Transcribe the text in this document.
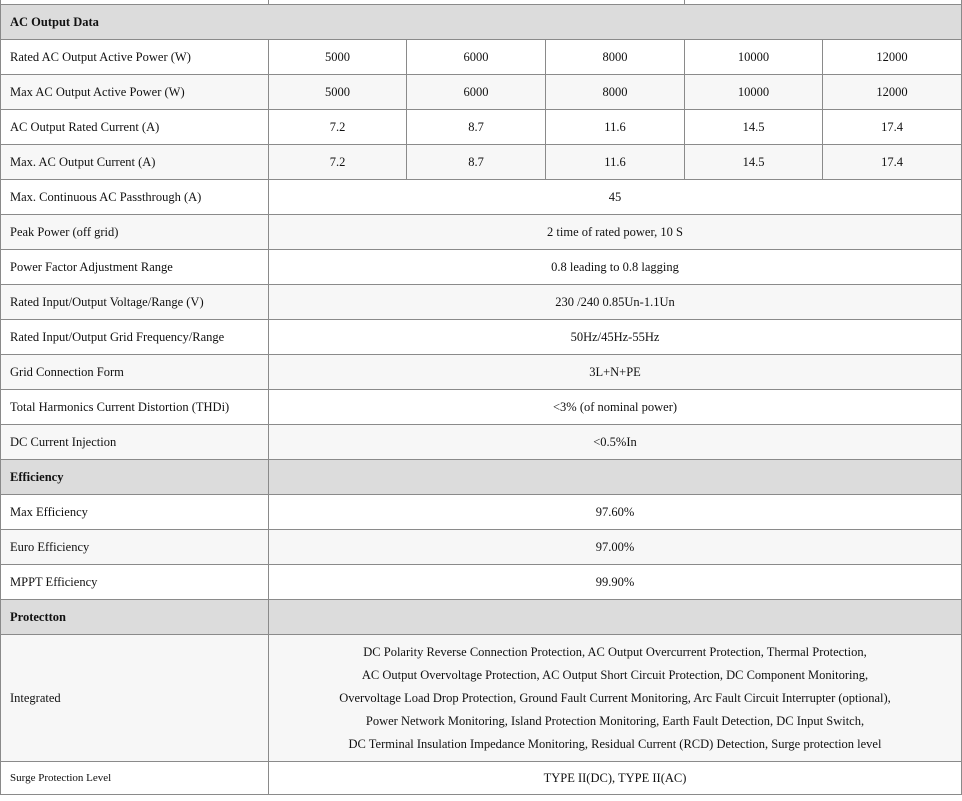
AC Output Data					
Rated AC Output Active Power (W)	5000	6000	8000	10000	12000
Max AC Output Active Power (W)	5000	6000	8000	10000	12000
AC Output Rated Current (A)	7.2	8.7	11.6	14.5	17.4
Max. AC Output Current (A)	7.2	8.7	11.6	14.5	17.4
Max. Continuous AC Passthrough (A)	45				
Peak Power (off grid)	2 time of rated power, 10 S				
Power Factor Adjustment Range	0.8 leading to 0.8 lagging				
Rated Input/Output Voltage/Range (V)	230 /240 0.85Un-1.1Un				
Rated Input/Output Grid Frequency/Range	50Hz/45Hz-55Hz				
Grid Connection Form	3L+N+PE				
Total Harmonics Current Distortion (THDi)	<3% (of nominal power)				
DC Current Injection	<0.5%In				
Efficiency					
Max Efficiency	97.60%				
Euro Efficiency	97.00%				
MPPT Efficiency	99.90%				
Protectton					
Integrated	DC Polarity Reverse Connection Protection, AC Output Overcurrent Protection, Thermal Protection,
AC Output Overvoltage Protection, AC Output Short Circuit Protection, DC Component Monitoring,
Overvoltage Load Drop Protection, Ground Fault Current Monitoring, Arc Fault Circuit Interrupter (optional),
Power Network Monitoring, Island Protection Monitoring, Earth Fault Detection, DC Input Switch,
DC Terminal Insulation Impedance Monitoring, Residual Current (RCD) Detection, Surge protection level				

Surge Protection Level	TYPE II(DC), TYPE II(AC)				
